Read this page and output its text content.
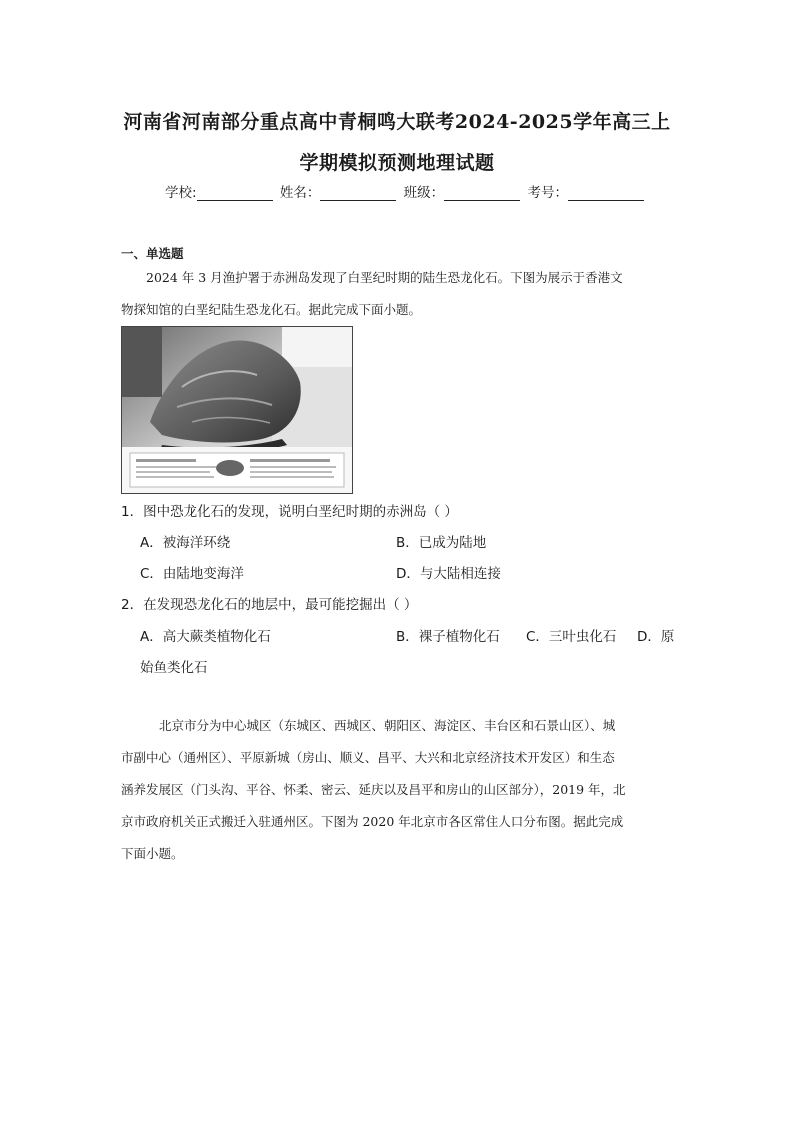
河南省河南部分重点高中青桐鸣大联考2024-2025学年高三上
学期模拟预测地理试题
学校:	姓名：	班级：	考号：
一、单选题
2024 年 3 月渔护署于赤洲岛发现了白垩纪时期的陆生恐龙化石。下图为展示于香港文
物探知馆的白垩纪陆生恐龙化石。据此完成下面小题。
1．图中恐龙化石的发现，说明白垩纪时期的赤洲岛（ ）
A．被海洋环绕	B．已成为陆地
C．由陆地变海洋	D．与大陆相连接
2．在发现恐龙化石的地层中，最可能挖掘出（ ）
A．高大蕨类植物化石	B．裸子植物化石 C．三叶虫化石 D．原
始鱼类化石
北京市分为中心城区（东城区、西城区、朝阳区、海淀区、丰台区和石景山区）、城
市副中心（通州区）、平原新城（房山、顺义、昌平、大兴和北京经济技术开发区）和生态
涵养发展区（门头沟、平谷、怀柔、密云、延庆以及昌平和房山的山区部分），2019 年，北
京市政府机关正式搬迁入驻通州区。下图为 2020 年北京市各区常住人口分布图。据此完成
下面小题。
